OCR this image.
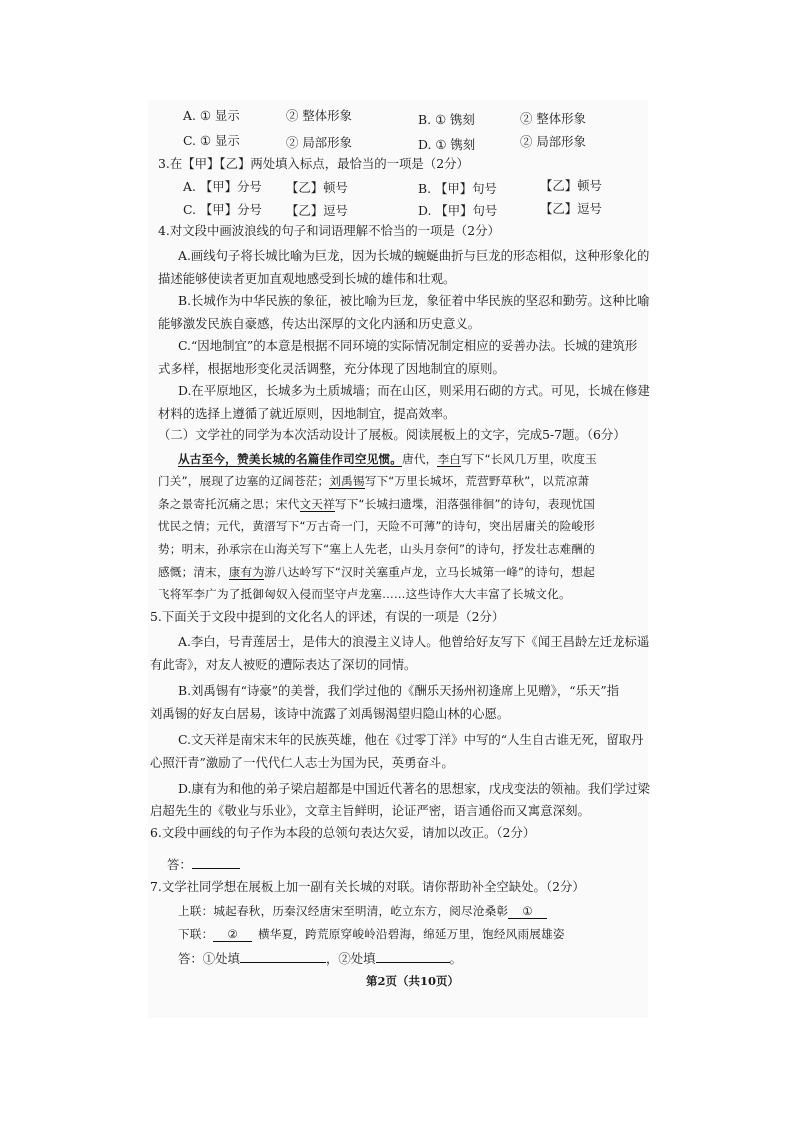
A. ① 显示	② 整体形象	B. ① 镌刻	② 整体形象
C. ① 显示	② 局部形象	D. ① 镌刻	② 局部形象
3.在【甲】【乙】两处填入标点，最恰当的一项是（2分）
A. 【甲】分号 【乙】顿号	B. 【甲】句号	【乙】顿号
C. 【甲】分号 【乙】逗号	D. 【甲】句号	【乙】逗号
4.对文段中画波浪线的句子和词语理解不恰当的一项是（2分）
A.画线句子将长城比喻为巨龙，因为长城的蜿蜒曲折与巨龙的形态相似，这种形象化的
描述能够使读者更加直观地感受到长城的雄伟和壮观。
B.长城作为中华民族的象征，被比喻为巨龙，象征着中华民族的坚忍和勤劳。这种比喻
能够激发民族自豪感，传达出深厚的文化内涵和历史意义。
C.“因地制宜”的本意是根据不同环境的实际情况制定相应的妥善办法。长城的建筑形
式多样，根据地形变化灵活调整，充分体现了因地制宜的原则。
D.在平原地区，长城多为土质城墙；而在山区，则采用石砌的方式。可见，长城在修建
材料的选择上遵循了就近原则，因地制宜，提高效率。
（二）文学社的同学为本次活动设计了展板。阅读展板上的文字，完成5-7题。（6分）
从古至今，赞美长城的名篇佳作司空见惯。唐代，李白写下“长风几万里，吹度玉
门关”，展现了边塞的辽阔苍茫；刘禹锡写下“万里长城坏，荒营野草秋”，以荒凉萧
条之景寄托沉痛之思；宋代文天祥写下“长城扫遗堞，泪落强徘徊”的诗句，表现忧国
忧民之情；元代，黄溍写下“万古奇一门，天险不可薄”的诗句，突出居庸关的险峻形
势；明末，孙承宗在山海关写下“塞上人先老，山头月奈何”的诗句，抒发壮志难酬的
感慨；清末，康有为游八达岭写下“汉时关塞重卢龙，立马长城第一峰”的诗句，想起
飞将军李广为了抵御匈奴入侵而坚守卢龙塞……这些诗作大大丰富了长城文化。
5.下面关于文段中提到的文化名人的评述，有误的一项是（2分）
A.李白，号青莲居士，是伟大的浪漫主义诗人。他曾给好友写下《闻王昌龄左迁龙标遥
有此寄》，对友人被贬的遭际表达了深切的同情。
B.刘禹锡有“诗豪”的美誉，我们学过他的《酬乐天扬州初逢席上见赠》，“乐天”指
刘禹锡的好友白居易，该诗中流露了刘禹锡渴望归隐山林的心愿。
C.文天祥是南宋末年的民族英雄，他在《过零丁洋》中写的“人生自古谁无死，留取丹
心照汗青”激励了一代代仁人志士为国为民，英勇奋斗。
D.康有为和他的弟子梁启超都是中国近代著名的思想家，戊戌变法的领袖。我们学过梁
启超先生的《敬业与乐业》，文章主旨鲜明，论证严密，语言通俗而又寓意深刻。
6.文段中画线的句子作为本段的总领句表达欠妥，请加以改正。（2分）
答：
7.文学社同学想在展板上加一副有关长城的对联。请你帮助补全空缺处。（2分）
上联：城起春秋，历秦汉经唐宋至明清，屹立东方，阅尽沧桑彰 ①
下联： ② 横华夏，跨荒原穿峻岭沿碧海，绵延万里，饱经风雨展雄姿
答：①处填	，②处填	。
第2页（共10页）
